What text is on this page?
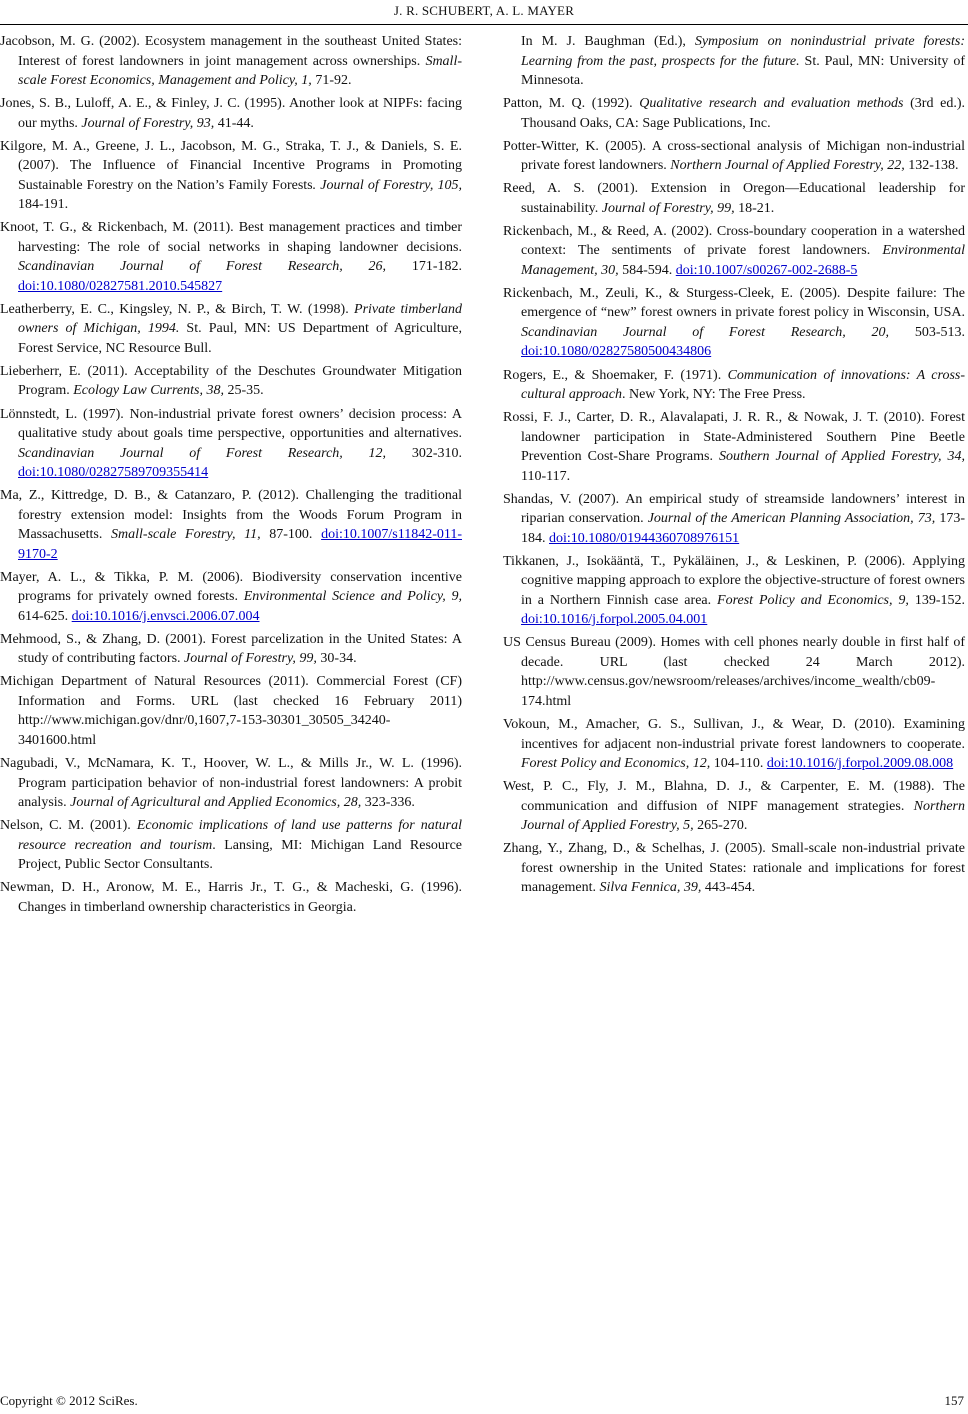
J. R. SCHUBERT, A. L. MAYER

Jacobson, M. G. (2002). Ecosystem management in the southeast United States: Interest of forest landowners in joint management across ownerships. Small-scale Forest Economics, Management and Policy, 1, 71-92.

Jones, S. B., Luloff, A. E., & Finley, J. C. (1995). Another look at NIPFs: facing our myths. Journal of Forestry, 93, 41-44.

Kilgore, M. A., Greene, J. L., Jacobson, M. G., Straka, T. J., & Daniels, S. E. (2007). The Influence of Financial Incentive Programs in Promoting Sustainable Forestry on the Nation’s Family Forests. Journal of Forestry, 105, 184-191.

Knoot, T. G., & Rickenbach, M. (2011). Best management practices and timber harvesting: The role of social networks in shaping landowner decisions. Scandinavian Journal of Forest Research, 26, 171-182. doi:10.1080/02827581.2010.545827

Leatherberry, E. C., Kingsley, N. P., & Birch, T. W. (1998). Private timberland owners of Michigan, 1994. St. Paul, MN: US Department of Agriculture, Forest Service, NC Resource Bull.

Lieberherr, E. (2011). Acceptability of the Deschutes Groundwater Mitigation Program. Ecology Law Currents, 38, 25-35.

Lönnstedt, L. (1997). Non-industrial private forest owners’ decision process: A qualitative study about goals time perspective, opportunities and alternatives. Scandinavian Journal of Forest Research, 12, 302-310. doi:10.1080/02827589709355414

Ma, Z., Kittredge, D. B., & Catanzaro, P. (2012). Challenging the traditional forestry extension model: Insights from the Woods Forum Program in Massachusetts. Small-scale Forestry, 11, 87-100. doi:10.1007/s11842-011-9170-2

Mayer, A. L., & Tikka, P. M. (2006). Biodiversity conservation incentive programs for privately owned forests. Environmental Science and Policy, 9, 614-625. doi:10.1016/j.envsci.2006.07.004

Mehmood, S., & Zhang, D. (2001). Forest parcelization in the United States: A study of contributing factors. Journal of Forestry, 99, 30-34.

Michigan Department of Natural Resources (2011). Commercial Forest (CF) Information and Forms. URL (last checked 16 February 2011) http://www.michigan.gov/dnr/0,1607,7-153-30301_30505_34240-3401600.html

Nagubadi, V., McNamara, K. T., Hoover, W. L., & Mills Jr., W. L. (1996). Program participation behavior of non-industrial forest landowners: A probit analysis. Journal of Agricultural and Applied Economics, 28, 323-336.

Nelson, C. M. (2001). Economic implications of land use patterns for natural resource recreation and tourism. Lansing, MI: Michigan Land Resource Project, Public Sector Consultants.

Newman, D. H., Aronow, M. E., Harris Jr., T. G., & Macheski, G. (1996). Changes in timberland ownership characteristics in Georgia.

In M. J. Baughman (Ed.), Symposium on nonindustrial private forests: Learning from the past, prospects for the future. St. Paul, MN: University of Minnesota.

Patton, M. Q. (1992). Qualitative research and evaluation methods (3rd ed.). Thousand Oaks, CA: Sage Publications, Inc.

Potter-Witter, K. (2005). A cross-sectional analysis of Michigan non-industrial private forest landowners. Northern Journal of Applied Forestry, 22, 132-138.

Reed, A. S. (2001). Extension in Oregon—Educational leadership for sustainability. Journal of Forestry, 99, 18-21.

Rickenbach, M., & Reed, A. (2002). Cross-boundary cooperation in a watershed context: The sentiments of private forest landowners. Environmental Management, 30, 584-594. doi:10.1007/s00267-002-2688-5

Rickenbach, M., Zeuli, K., & Sturgess-Cleek, E. (2005). Despite failure: The emergence of “new” forest owners in private forest policy in Wisconsin, USA. Scandinavian Journal of Forest Research, 20, 503-513. doi:10.1080/02827580500434806

Rogers, E., & Shoemaker, F. (1971). Communication of innovations: A cross-cultural approach. New York, NY: The Free Press.

Rossi, F. J., Carter, D. R., Alavalapati, J. R. R., & Nowak, J. T. (2010). Forest landowner participation in State-Administered Southern Pine Beetle Prevention Cost-Share Programs. Southern Journal of Applied Forestry, 34, 110-117.

Shandas, V. (2007). An empirical study of streamside landowners’ interest in riparian conservation. Journal of the American Planning Association, 73, 173-184. doi:10.1080/01944360708976151

Tikkanen, J., Isokääntä, T., Pykäläinen, J., & Leskinen, P. (2006). Applying cognitive mapping approach to explore the objective-structure of forest owners in a Northern Finnish case area. Forest Policy and Economics, 9, 139-152. doi:10.1016/j.forpol.2005.04.001

US Census Bureau (2009). Homes with cell phones nearly double in first half of decade. URL (last checked 24 March 2012). http://www.census.gov/newsroom/releases/archives/income_wealth/cb09-174.html

Vokoun, M., Amacher, G. S., Sullivan, J., & Wear, D. (2010). Examining incentives for adjacent non-industrial private forest landowners to cooperate. Forest Policy and Economics, 12, 104-110. doi:10.1016/j.forpol.2009.08.008

West, P. C., Fly, J. M., Blahna, D. J., & Carpenter, E. M. (1988). The communication and diffusion of NIPF management strategies. Northern Journal of Applied Forestry, 5, 265-270.

Zhang, Y., Zhang, D., & Schelhas, J. (2005). Small-scale non-industrial private forest ownership in the United States: rationale and implications for forest management. Silva Fennica, 39, 443-454.

Copyright © 2012 SciRes.	157
